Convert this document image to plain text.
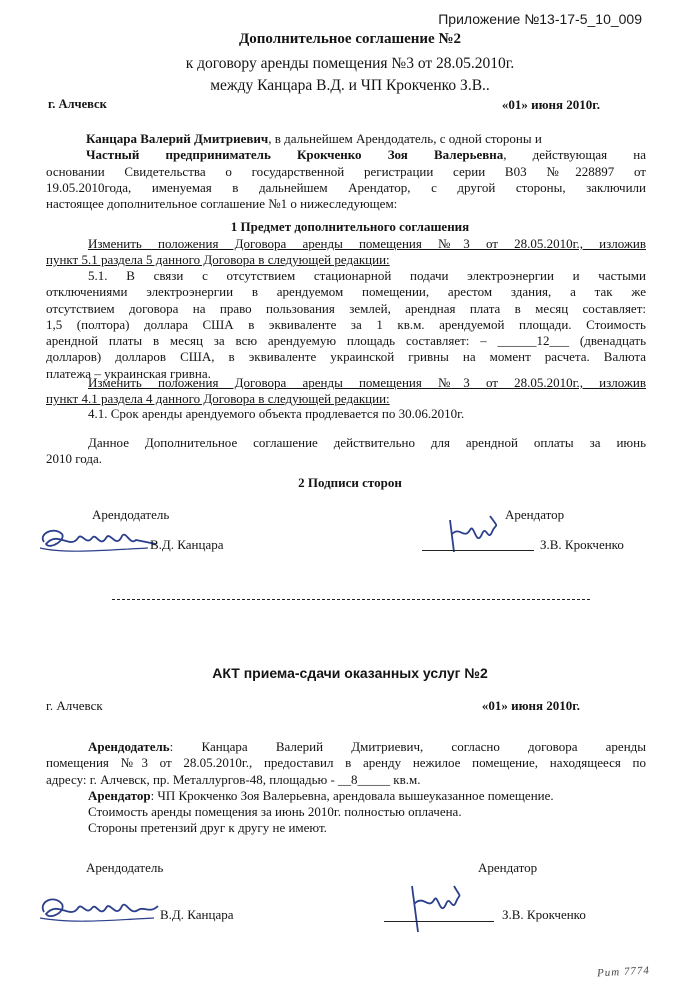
Приложение №13-17-5_10_009
Дополнительное соглашение №2
к договору аренды помещения №3 от 28.05.2010г.
между Канцара В.Д. и ЧП Крокченко З.В..
г. Алчевск	«01» июня 2010г.
Канцара Валерий Дмитриевич, в дальнейшем Арендодатель, с одной стороны и
Частный предприниматель Крокченко Зоя Валерьевна, действующая на
основании Свидетельства о государственной регистрации серии В03 №228897 от
19.05.2010года, именуемая в дальнейшем Арендатор, с другой стороны, заключили
настоящее дополнительное соглашение №1 о нижеследующем:
1 Предмет дополнительного соглашения
Изменить положения Договора аренды помещения №3 от 28.05.2010г., изложив
пункт 5.1 раздела 5 данного Договора в следующей редакции:
5.1. В связи с отсутствием стационарной подачи электроэнергии и частыми
отключениями электроэнергии в арендуемом помещении, арестом здания, а так же
отсутствием договора на право пользования землей, арендная плата в месяц составляет:
1,5 (полтора) доллара США в эквиваленте за 1 кв.м. арендуемой площади. Стоимость
арендной платы в месяц за всю арендуемую площадь составляет: – ______12___ (двенадцать
долларов) долларов США, в эквиваленте украинской гривны на момент расчета. Валюта
платежа – украинская гривна.
Изменить положения Договора аренды помещения №3 от 28.05.2010г., изложив
пункт 4.1 раздела 4 данного Договора в следующей редакции:
4.1. Срок аренды арендуемого объекта продлевается по 30.06.2010г.
Данное Дополнительное соглашение действительно для арендной оплаты за июнь
2010 года.
2 Подписи сторон
Арендодатель	Арендатор
В.Д. Канцара	З.В. Крокченко
АКТ приема-сдачи оказанных услуг №2
г. Алчевск	«01» июня 2010г.
Арендодатель: Канцара Валерий Дмитриевич, согласно договора аренды
помещения №3 от 28.05.2010г., предоставил в аренду нежилое помещение, находящееся по
адресу: г. Алчевск, пр. Металлургов-48, площадью - __8_____ кв.м.
Арендатор: ЧП Крокченко Зоя Валерьевна, арендовала вышеуказанное помещение.
Стоимость аренды помещения за июнь 2010г. полностью оплачена.
Стороны претензий друг к другу не имеют.
Арендодатель	Арендатор
В.Д. Канцара	З.В. Крокченко
Рит 7774
